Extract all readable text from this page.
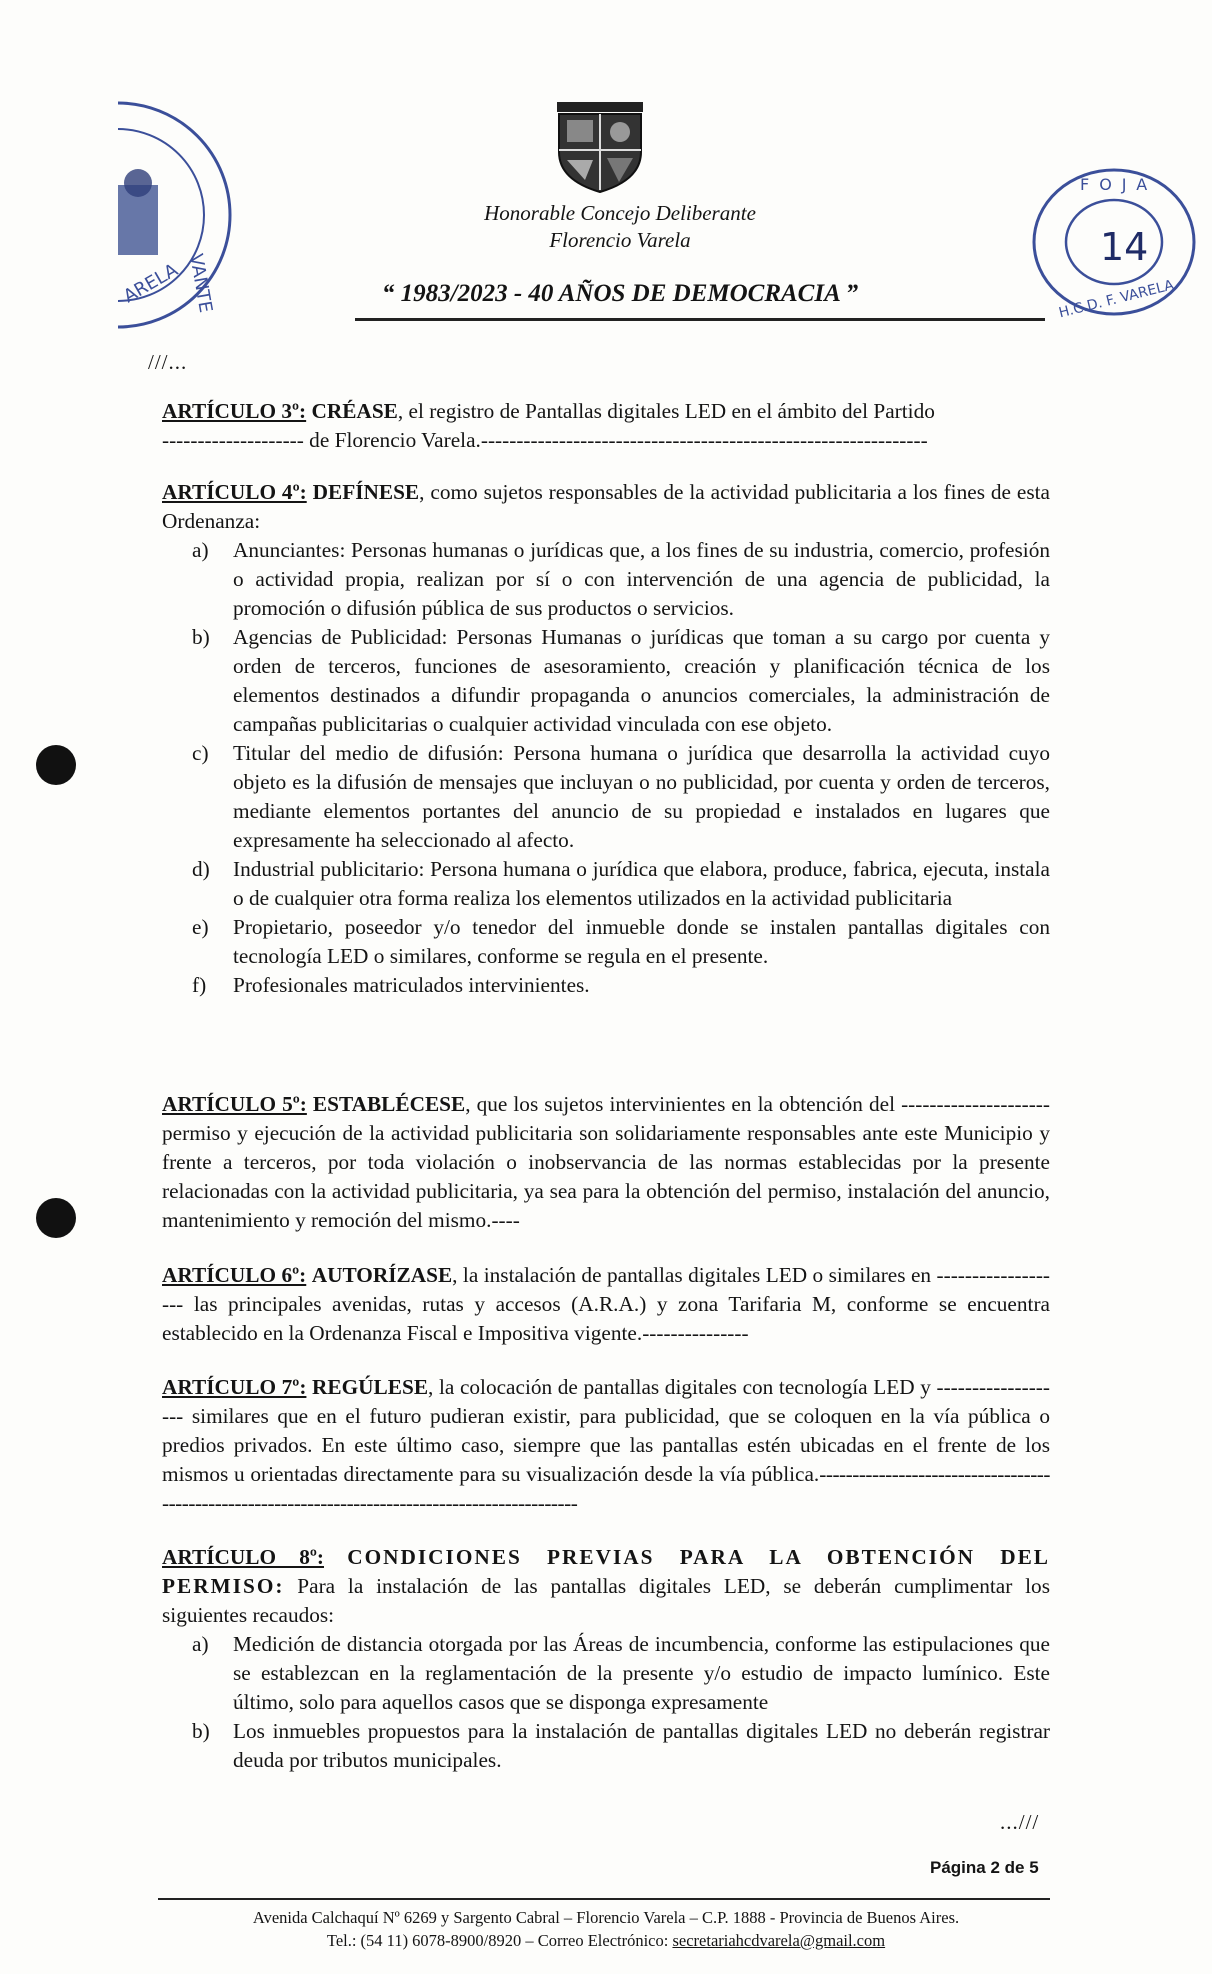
VANTE
ARELA
Honorable Concejo Deliberante
Florencio Varela
“ 1983/2023 - 40 AÑOS DE DEMOCRACIA ”
FOJA
14
H.C.D. F. VARELA
///...
ARTÍCULO 3º: CRÉASE, el registro de Pantallas digitales LED en el ámbito del Partido
-------------------- de Florencio Varela.---------------------------------------------------------------
ARTÍCULO 4º: DEFÍNESE, como sujetos responsables de la actividad publicitaria a los fines de esta Ordenanza:
a) Anunciantes: Personas humanas o jurídicas que, a los fines de su industria, comercio, profesión o actividad propia, realizan por sí o con intervención de una agencia de publicidad, la promoción o difusión pública de sus productos o servicios.
b) Agencias de Publicidad: Personas Humanas o jurídicas que toman a su cargo por cuenta y orden de terceros, funciones de asesoramiento, creación y planificación técnica de los elementos destinados a difundir propaganda o anuncios comerciales, la administración de campañas publicitarias o cualquier actividad vinculada con ese objeto.
c) Titular del medio de difusión: Persona humana o jurídica que desarrolla la actividad cuyo objeto es la difusión de mensajes que incluyan o no publicidad, por cuenta y orden de terceros, mediante elementos portantes del anuncio de su propiedad e instalados en lugares que expresamente ha seleccionado al afecto.
d) Industrial publicitario: Persona humana o jurídica que elabora, produce, fabrica, ejecuta, instala o de cualquier otra forma realiza los elementos utilizados en la actividad publicitaria
e) Propietario, poseedor y/o tenedor del inmueble donde se instalen pantallas digitales con tecnología LED o similares, conforme se regula en el presente.
f) Profesionales matriculados intervinientes.
ARTÍCULO 5º: ESTABLÉCESE, que los sujetos intervinientes en la obtención del --------------------- permiso y ejecución de la actividad publicitaria son solidariamente responsables ante este Municipio y frente a terceros, por toda violación o inobservancia de las normas establecidas por la presente relacionadas con la actividad publicitaria, ya sea para la obtención del permiso, instalación del anuncio, mantenimiento y remoción del mismo.----
ARTÍCULO 6º: AUTORÍZASE, la instalación de pantallas digitales LED o similares en ------------------- las principales avenidas, rutas y accesos (A.R.A.) y zona Tarifaria M, conforme se encuentra establecido en la Ordenanza Fiscal e Impositiva vigente.---------------
ARTÍCULO 7º: REGÚLESE, la colocación de pantallas digitales con tecnología LED y ------------------- similares que en el futuro pudieran existir, para publicidad, que se coloquen en la vía pública o predios privados. En este último caso, siempre que las pantallas estén ubicadas en el frente de los mismos u orientadas directamente para su visualización desde la vía pública.--------------------------------------------------------------------------------------------------
ARTÍCULO 8º: CONDICIONES PREVIAS PARA LA OBTENCIÓN DEL PERMISO: Para la instalación de las pantallas digitales LED, se deberán cumplimentar los siguientes recaudos:
a) Medición de distancia otorgada por las Áreas de incumbencia, conforme las estipulaciones que se establezcan en la reglamentación de la presente y/o estudio de impacto lumínico. Este último, solo para aquellos casos que se disponga expresamente
b) Los inmuebles propuestos para la instalación de pantallas digitales LED no deberán registrar deuda por tributos municipales.
...///
Página 2 de 5
Avenida Calchaquí Nº 6269 y Sargento Cabral – Florencio Varela – C.P. 1888 - Provincia de Buenos Aires.
Tel.: (54 11) 6078-8900/8920 – Correo Electrónico: secretariahcdvarela@gmail.com
